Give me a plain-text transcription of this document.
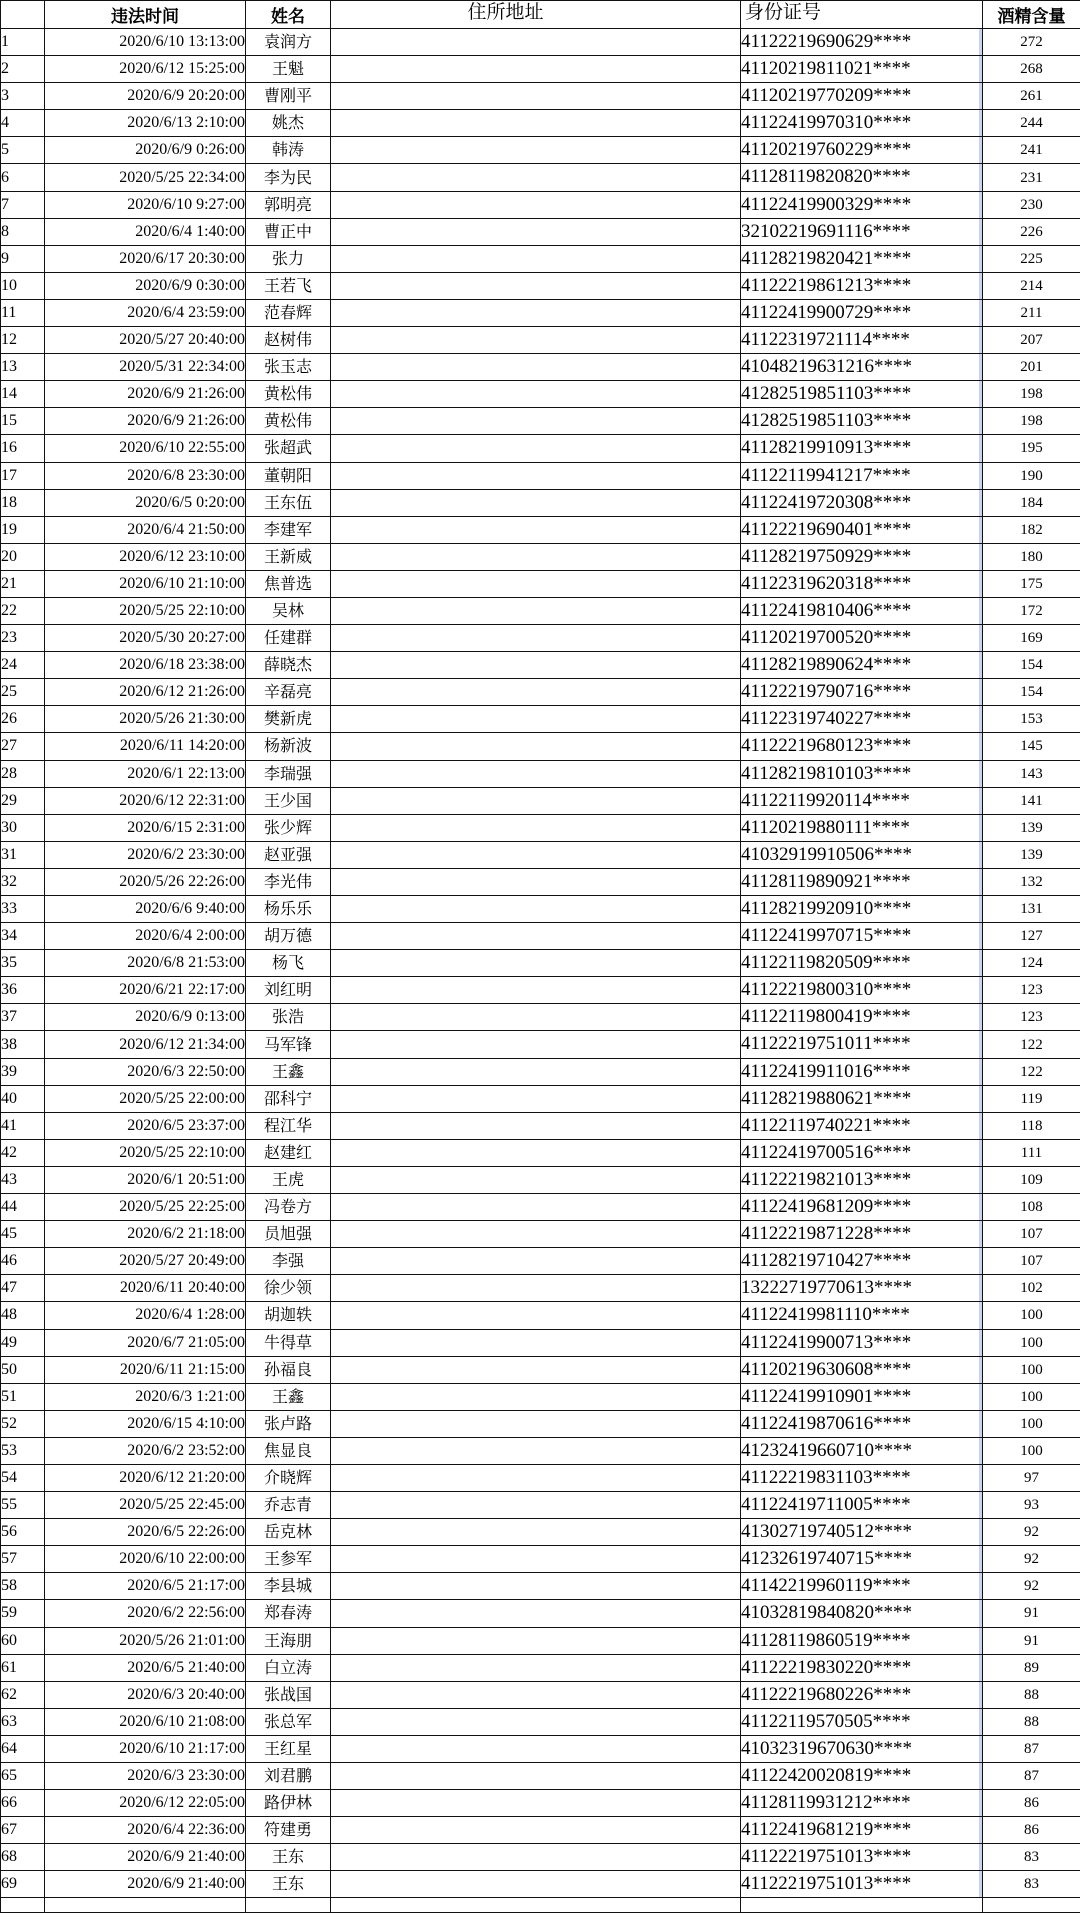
	违法时间	姓名	住所地址	身份证号	酒精含量
1	2020/6/10 13:13:00	袁润方		41122219690629****	272
2	2020/6/12 15:25:00	王魁		41120219811021****	268
3	2020/6/9 20:20:00	曹刚平		41120219770209****	261
4	2020/6/13 2:10:00	姚杰		41122419970310****	244
5	2020/6/9 0:26:00	韩涛		41120219760229****	241
6	2020/5/25 22:34:00	李为民		41128119820820****	231
7	2020/6/10 9:27:00	郭明亮		41122419900329****	230
8	2020/6/4 1:40:00	曹正中		32102219691116****	226
9	2020/6/17 20:30:00	张力		41128219820421****	225
10	2020/6/9 0:30:00	王若飞		41122219861213****	214
11	2020/6/4 23:59:00	范春辉		41122419900729****	211
12	2020/5/27 20:40:00	赵树伟		41122319721114****	207
13	2020/5/31 22:34:00	张玉志		41048219631216****	201
14	2020/6/9 21:26:00	黄松伟		41282519851103****	198
15	2020/6/9 21:26:00	黄松伟		41282519851103****	198
16	2020/6/10 22:55:00	张超武		41128219910913****	195
17	2020/6/8 23:30:00	董朝阳		41122119941217****	190
18	2020/6/5 0:20:00	王东伍		41122419720308****	184
19	2020/6/4 21:50:00	李建军		41122219690401****	182
20	2020/6/12 23:10:00	王新威		41128219750929****	180
21	2020/6/10 21:10:00	焦普选		41122319620318****	175
22	2020/5/25 22:10:00	吴林		41122419810406****	172
23	2020/5/30 20:27:00	任建群		41120219700520****	169
24	2020/6/18 23:38:00	薛晓杰		41128219890624****	154
25	2020/6/12 21:26:00	辛磊亮		41122219790716****	154
26	2020/5/26 21:30:00	樊新虎		41122319740227****	153
27	2020/6/11 14:20:00	杨新波		41122219680123****	145
28	2020/6/1 22:13:00	李瑞强		41128219810103****	143
29	2020/6/12 22:31:00	王少国		41122119920114****	141
30	2020/6/15 2:31:00	张少辉		41120219880111****	139
31	2020/6/2 23:30:00	赵亚强		41032919910506****	139
32	2020/5/26 22:26:00	李光伟		41128119890921****	132
33	2020/6/6 9:40:00	杨乐乐		41128219920910****	131
34	2020/6/4 2:00:00	胡万德		41122419970715****	127
35	2020/6/8 21:53:00	杨飞		41122119820509****	124
36	2020/6/21 22:17:00	刘红明		41122219800310****	123
37	2020/6/9 0:13:00	张浩		41122119800419****	123
38	2020/6/12 21:34:00	马军锋		41122219751011****	122
39	2020/6/3 22:50:00	王鑫		41122419911016****	122
40	2020/5/25 22:00:00	邵科宁		41128219880621****	119
41	2020/6/5 23:37:00	程江华		41122119740221****	118
42	2020/5/25 22:10:00	赵建红		41122419700516****	111
43	2020/6/1 20:51:00	王虎		41122219821013****	109
44	2020/5/25 22:25:00	冯卷方		41122419681209****	108
45	2020/6/2 21:18:00	员旭强		41122219871228****	107
46	2020/5/27 20:49:00	李强		41128219710427****	107
47	2020/6/11 20:40:00	徐少领		13222719770613****	102
48	2020/6/4 1:28:00	胡迦轶		41122419981110****	100
49	2020/6/7 21:05:00	牛得草		41122419900713****	100
50	2020/6/11 21:15:00	孙福良		41120219630608****	100
51	2020/6/3 1:21:00	王鑫		41122419910901****	100
52	2020/6/15 4:10:00	张卢路		41122419870616****	100
53	2020/6/2 23:52:00	焦显良		41232419660710****	100
54	2020/6/12 21:20:00	介晓辉		41122219831103****	97
55	2020/5/25 22:45:00	乔志青		41122419711005****	93
56	2020/6/5 22:26:00	岳克林		41302719740512****	92
57	2020/6/10 22:00:00	王参军		41232619740715****	92
58	2020/6/5 21:17:00	李县城		41142219960119****	92
59	2020/6/2 22:56:00	郑春涛		41032819840820****	91
60	2020/5/26 21:01:00	王海朋		41128119860519****	91
61	2020/6/5 21:40:00	白立涛		41122219830220****	89
62	2020/6/3 20:40:00	张战国		41122219680226****	88
63	2020/6/10 21:08:00	张总军		41122119570505****	88
64	2020/6/10 21:17:00	王红星		41032319670630****	87
65	2020/6/3 23:30:00	刘君鹏		41122420020819****	87
66	2020/6/12 22:05:00	路伊林		41128119931212****	86
67	2020/6/4 22:36:00	符建勇		41122419681219****	86
68	2020/6/9 21:40:00	王东		41122219751013****	83
69	2020/6/9 21:40:00	王东		41122219751013****	83
